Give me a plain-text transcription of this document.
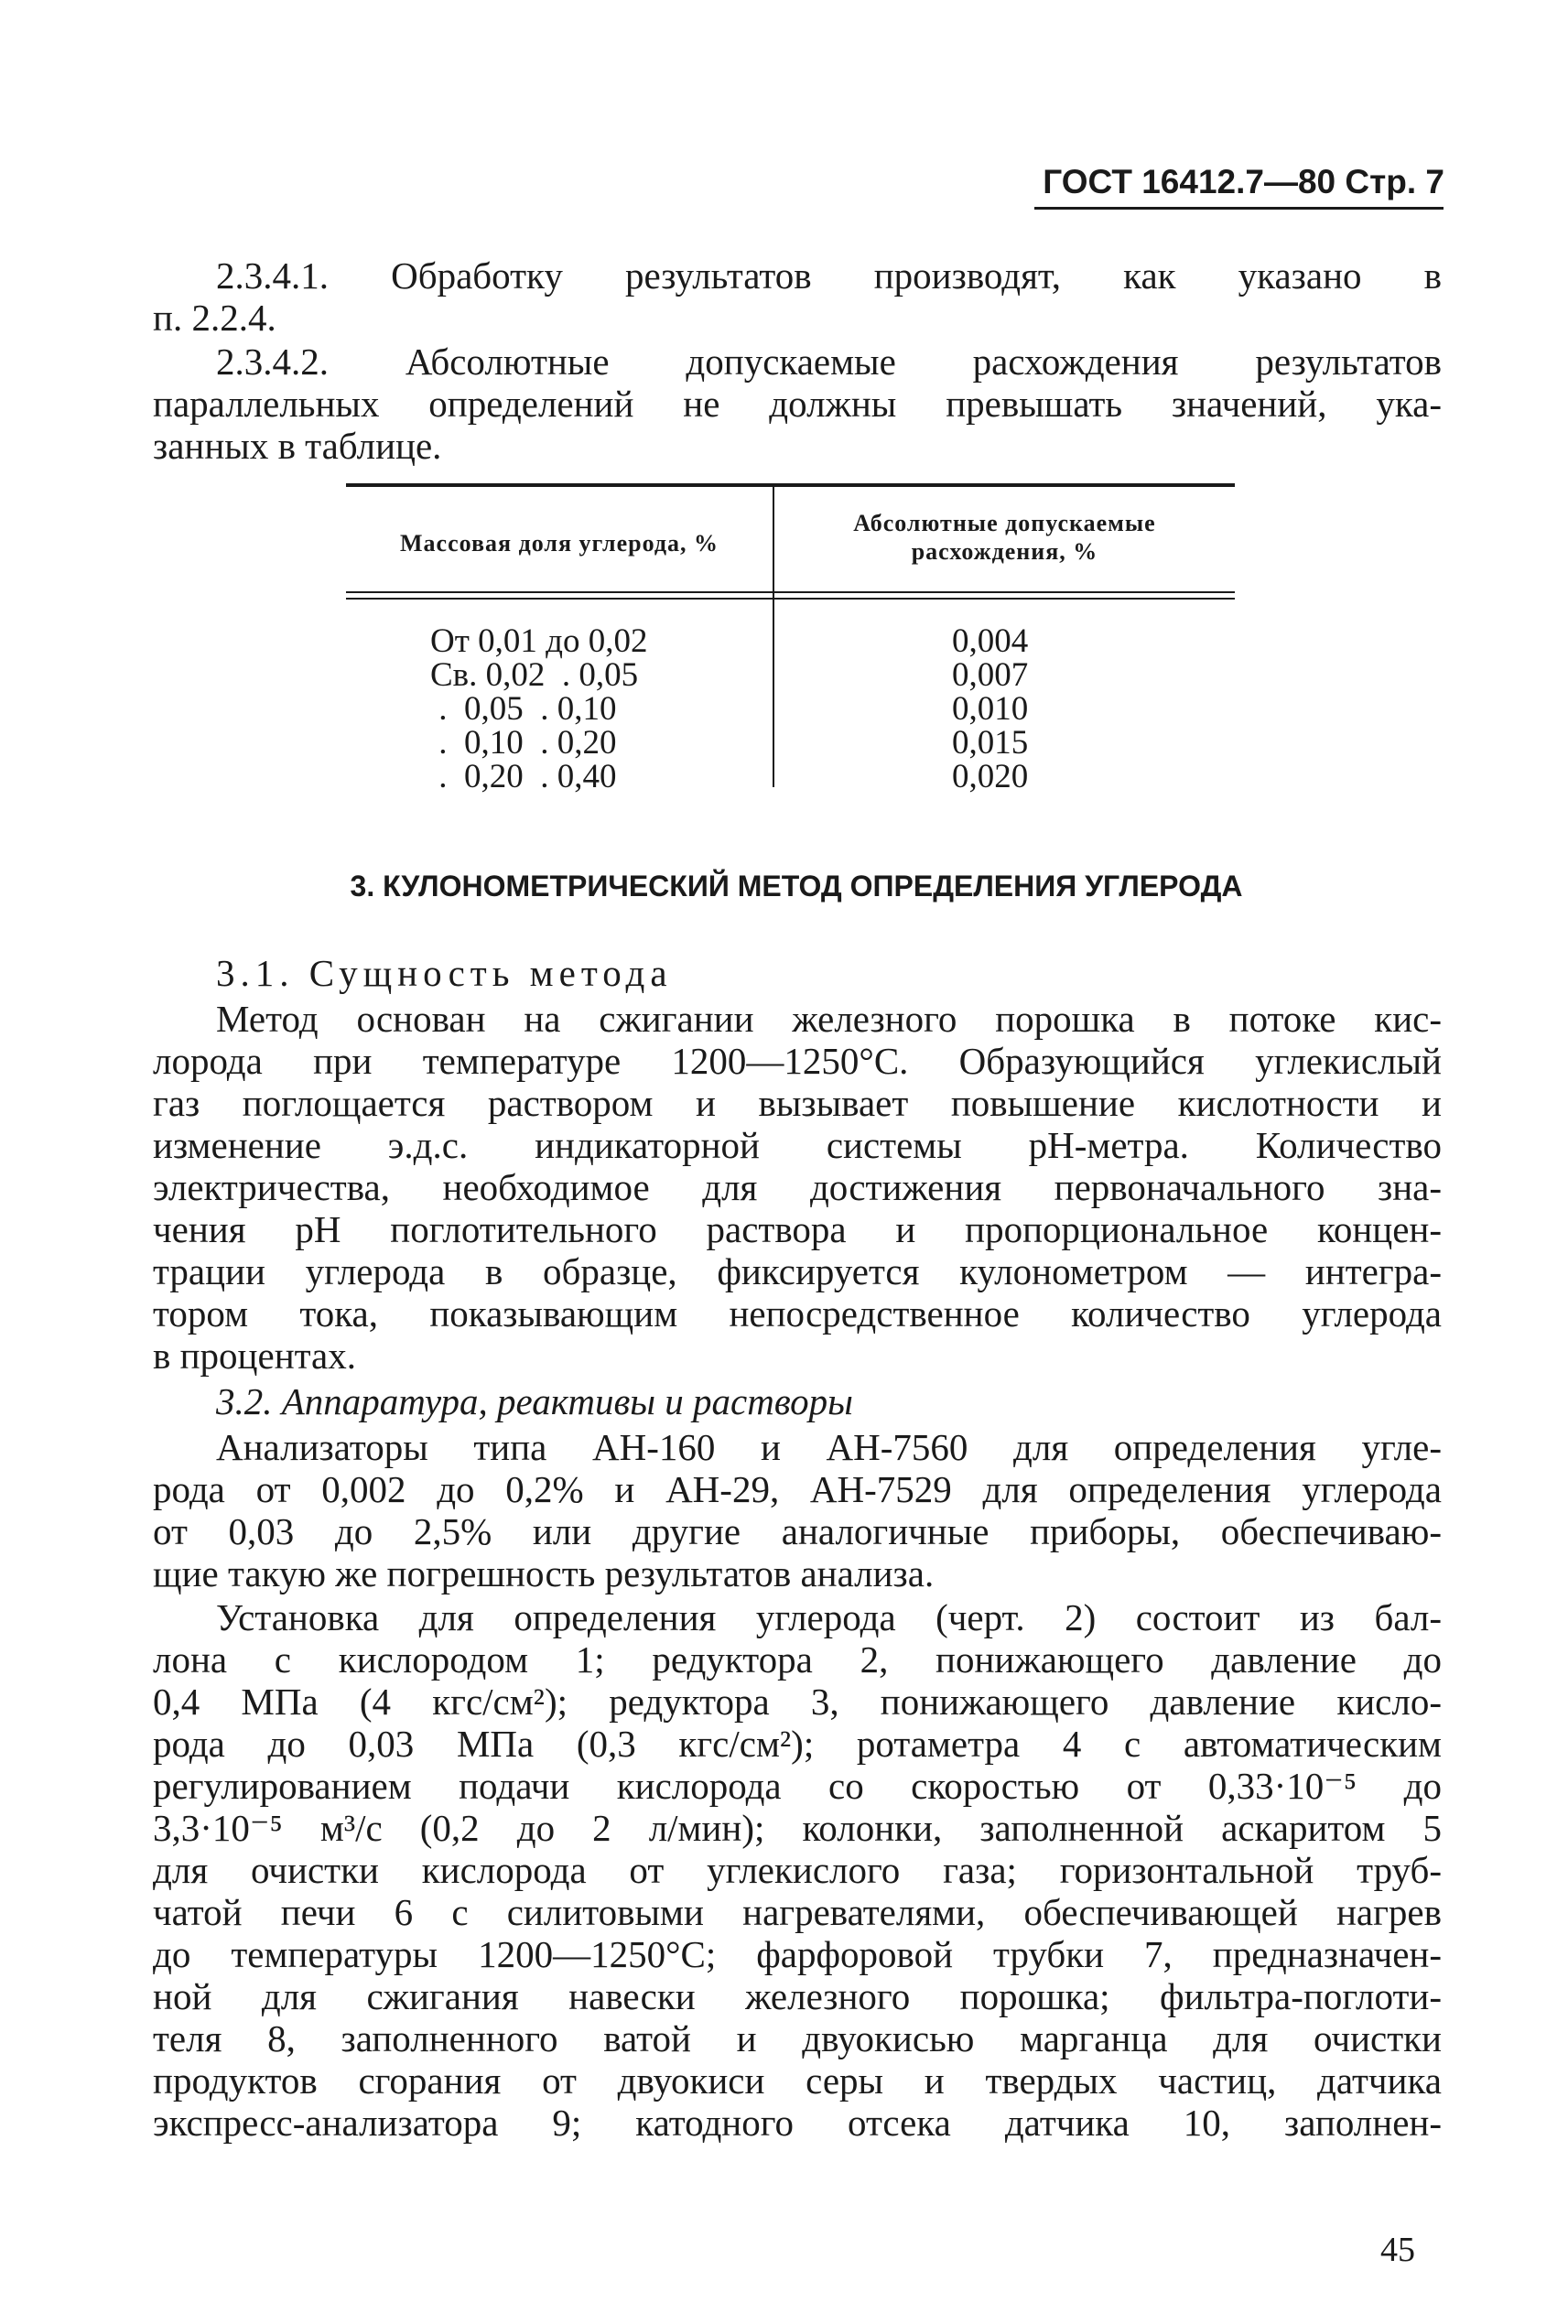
ГОСТ 16412.7—80 Стр. 7
2.3.4.1. Обработку результатов производят, как указано в
п. 2.2.4.
2.3.4.2. Абсолютные допускаемые расхождения результатов
параллельных определений не должны превышать значений, ука-
занных в таблице.
Массовая доля углерода, %
Абсолютные допускаемые
расхождения, %
От 0,01 до 0,02
Св. 0,02  . 0,05
.  0,05  . 0,10
.  0,10  . 0,20
.  0,20  . 0,40
0,004
0,007
0,010
0,015
0,020
3. КУЛОНОМЕТРИЧЕСКИЙ МЕТОД ОПРЕДЕЛЕНИЯ УГЛЕРОДА
3.1. Сущность метода
Метод основан на сжигании железного порошка в потоке кис-
лорода при температуре 1200—1250°С. Образующийся углекислый
газ поглощается раствором и вызывает повышение кислотности и
изменение э.д.с. индикаторной системы рН-метра. Количество
электричества, необходимое для достижения первоначального зна-
чения рН поглотительного раствора и пропорциональное концен-
трации углерода в образце, фиксируется кулонометром — интегра-
тором тока, показывающим непосредственное количество углерода
в процентах.
3.2. Аппаратура, реактивы и растворы
Анализаторы типа АН-160 и АН-7560 для определения угле-
рода от 0,002 до 0,2% и АН-29, АН-7529 для определения углерода
от 0,03 до 2,5% или другие аналогичные приборы, обеспечиваю-
щие такую же погрешность результатов анализа.
Установка для определения углерода (черт. 2) состоит из бал-
лона с кислородом 1; редуктора 2, понижающего давление до
0,4 МПа (4 кгс/см²); редуктора 3, понижающего давление кисло-
рода до 0,03 МПа (0,3 кгс/см²); ротаметра 4 с автоматическим
регулированием подачи кислорода со скоростью от 0,33·10⁻⁵ до
3,3·10⁻⁵ м³/с (0,2 до 2 л/мин); колонки, заполненной аскаритом 5
для очистки кислорода от углекислого газа; горизонтальной труб-
чатой печи 6 с силитовыми нагревателями, обеспечивающей нагрев
до температуры 1200—1250°С; фарфоровой трубки 7, предназначен-
ной для сжигания навески железного порошка; фильтра-поглоти-
теля 8, заполненного ватой и двуокисью марганца для очистки
продуктов сгорания от двуокиси серы и твердых частиц, датчика
экспресс-анализатора 9; катодного отсека датчика 10, заполнен-
45
